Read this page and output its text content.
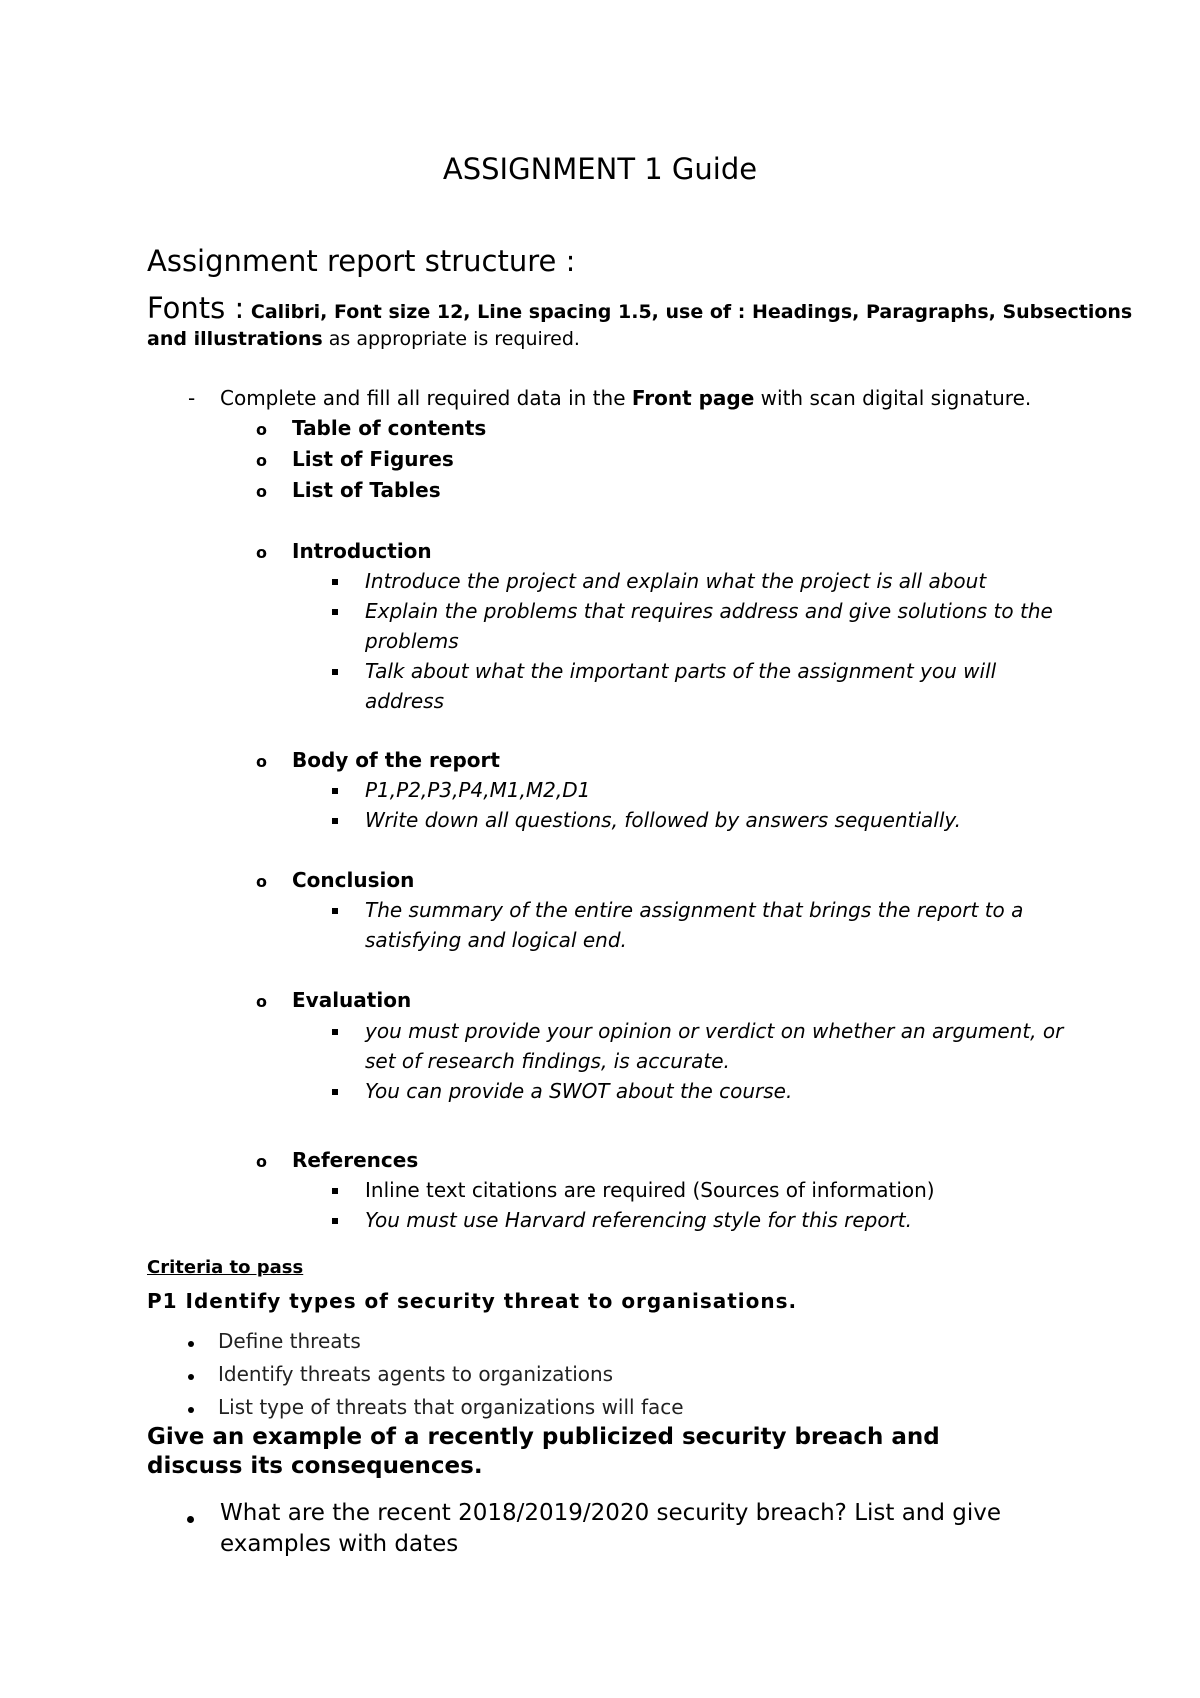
ASSIGNMENT 1 Guide
Assignment report structure :
Fonts : Calibri, Font size 12, Line spacing 1.5, use of : Headings, Paragraphs, Subsections
and illustrations as appropriate is required.
- Complete and fill all required data in the Front page with scan digital signature.
o Table of contents
o List of Figures
o List of Tables
o Introduction
Introduce the project and explain what the project is all about
Explain the problems that requires address and give solutions to the
problems
Talk about what the important parts of the assignment you will
address
o Body of the report
P1,P2,P3,P4,M1,M2,D1
Write down all questions, followed by answers sequentially.
o Conclusion
The summary of the entire assignment that brings the report to a
satisfying and logical end.
o Evaluation
you must provide your opinion or verdict on whether an argument, or
set of research findings, is accurate.
You can provide a SWOT about the course.
o References
Inline text citations are required (Sources of information)
You must use Harvard referencing style for this report.
Criteria to pass
P1 Identify types of security threat to organisations.
Define threats
Identify threats agents to organizations
List type of threats that organizations will face
Give an example of a recently publicized security breach and
discuss its consequences.
What are the recent 2018/2019/2020 security breach? List and give
examples with dates
